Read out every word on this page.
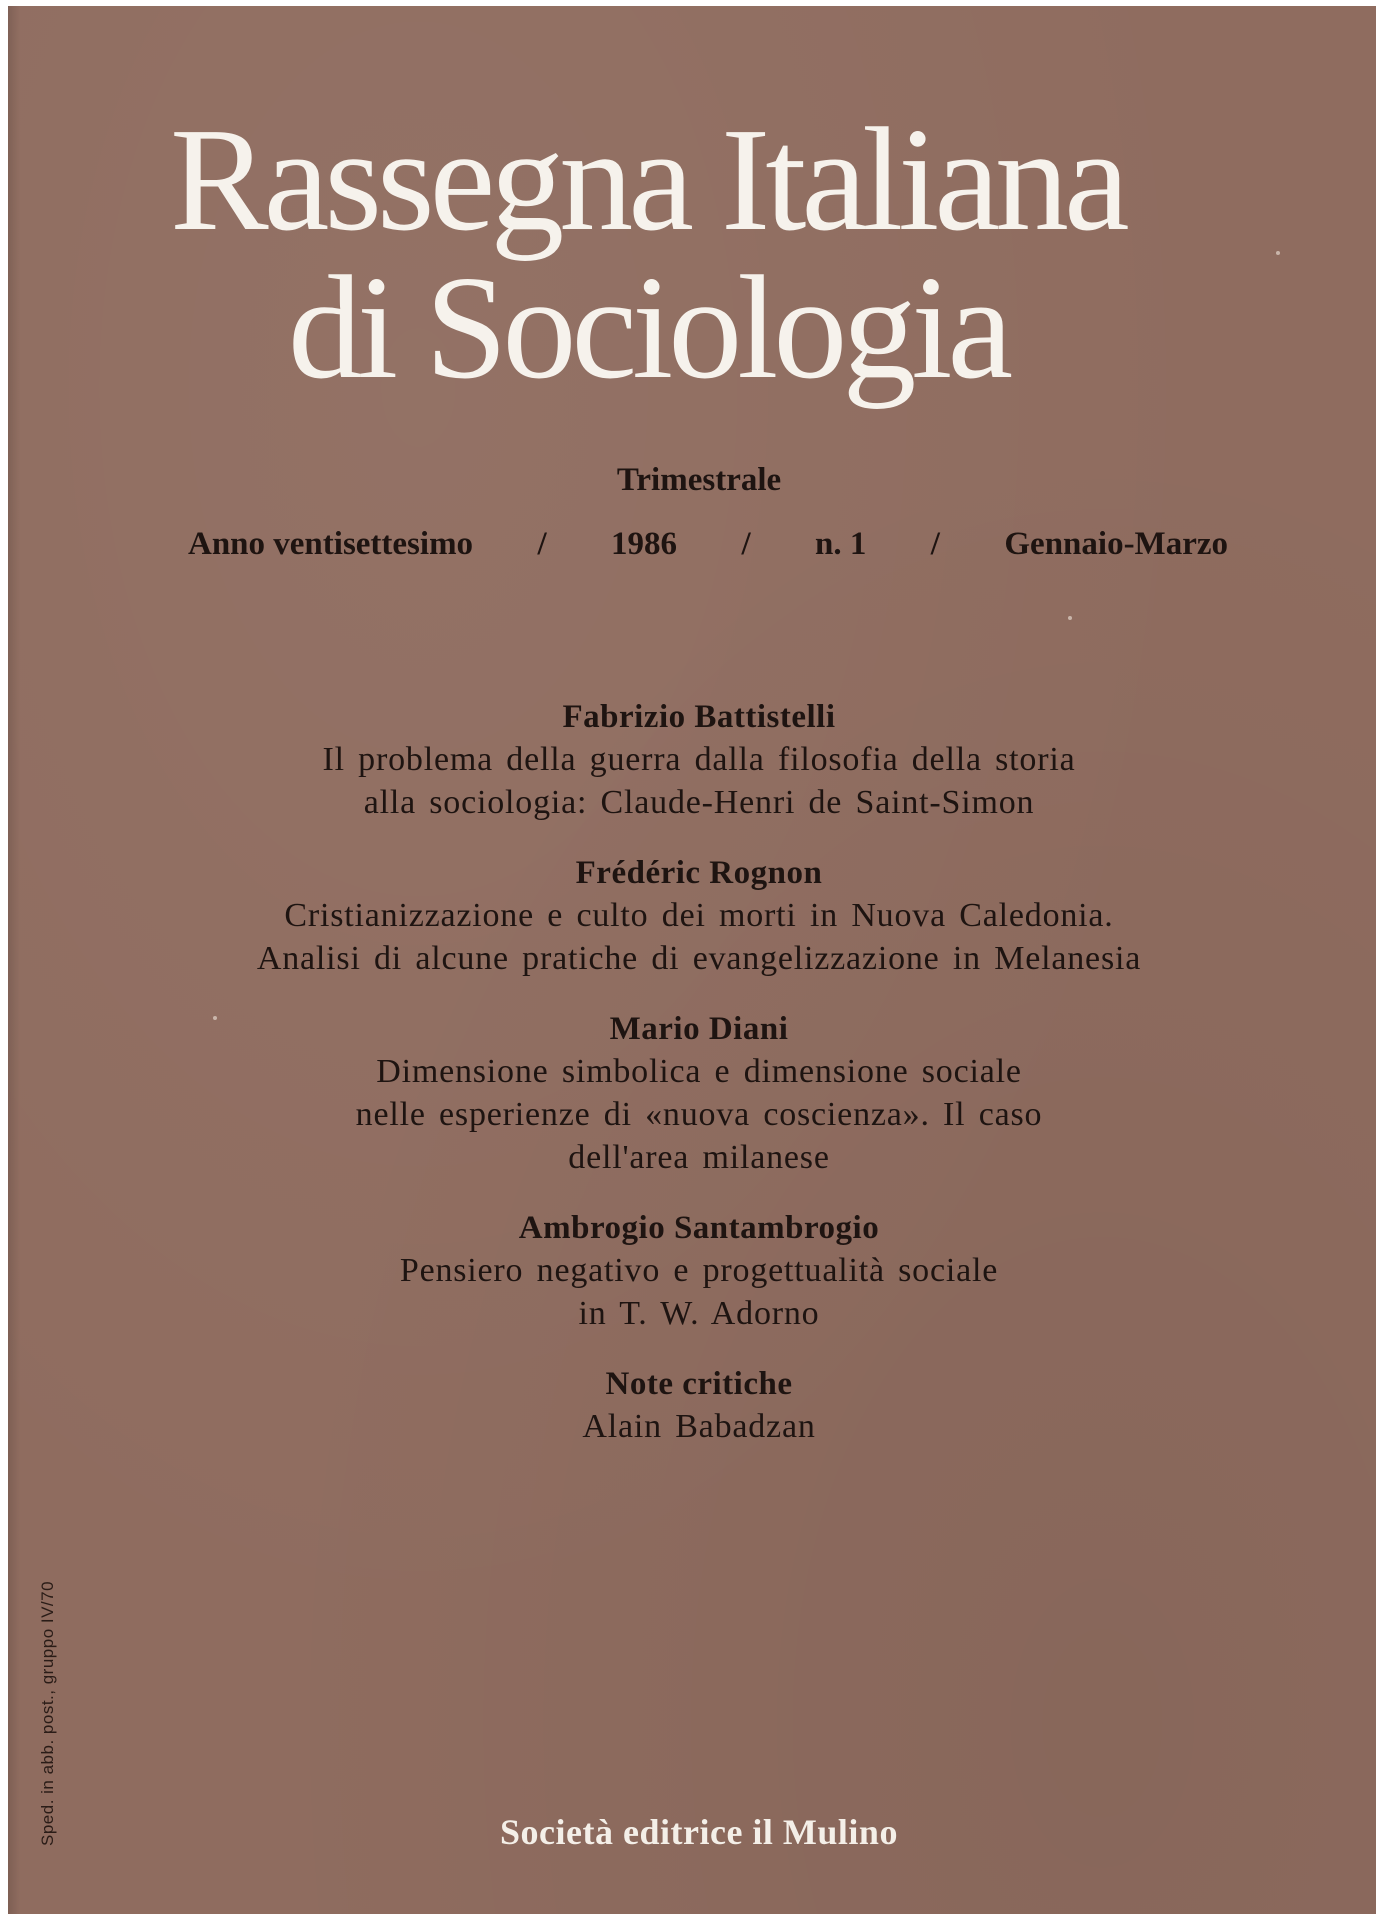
Rassegna Italiana
di Sociologia
Trimestrale
Anno ventisettesimo / 1986 / n. 1 / Gennaio-Marzo
Fabrizio Battistelli
Il problema della guerra dalla filosofia della storia
alla sociologia: Claude-Henri de Saint-Simon
Frédéric Rognon
Cristianizzazione e culto dei morti in Nuova Caledonia.
Analisi di alcune pratiche di evangelizzazione in Melanesia
Mario Diani
Dimensione simbolica e dimensione sociale
nelle esperienze di «nuova coscienza». Il caso
dell'area milanese
Ambrogio Santambrogio
Pensiero negativo e progettualità sociale
in T. W. Adorno
Note critiche
Alain Babadzan
Sped. in abb. post., gruppo IV/70	Società editrice il Mulino
